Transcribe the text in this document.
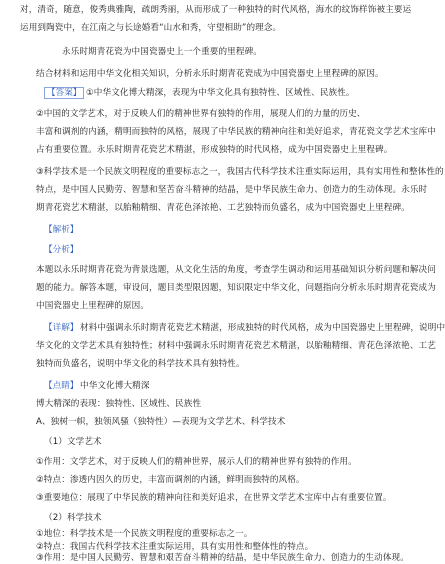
对，清奇，随意，俊秀典雅陶，疏朗秀丽，从而形成了一种独特的时代风格，海水的纹饰样饰被主要运
运用到陶瓷中，在江南之与长途婚看“山水和秀，守望相助”的理念。
永乐时期青花瓷为中国瓷器史上一个重要的里程碑。
结合材料和运用中华文化相关知识，分析永乐时期青花瓷成为中国瓷器史上里程碑的原因。
【答案】 ①中华文化博大精深，表现为中华文化具有独特性、区域性、民族性。
②中国的文学艺术，对于反映人们的精神世界有独特的作用，展现人们的力量的历史、
丰富和调剂的内涵，精明而独特的风格，展现了中华民族的精神向往和美好追求，青花瓷文学艺术宝库中
占有重要位置。永乐时期青花瓷艺术精湛，形成独特的时代风格，成为中国瓷器史上里程碑。
③科学技术是一个民族文明程度的重要标志之一，我国古代科学技术注重实际运用，具有实用性和整体性的
特点，是中国人民勤劳、智慧和坚苦奋斗精神的结晶，是中华民族生命力、创造力的生动体现。永乐时
期青花瓷艺术精湛，以胎釉精细、青花色泽浓艳、工艺独特而负盛名，成为中国瓷器史上里程碑。
【解析】
【分析】
本题以永乐时期青花瓷为背景选题，从文化生活的角度，考查学生调动和运用基础知识分析问题和解决问
题的能力。解答本题，审设问，题目类型限因题，知识限定中华文化，问题指向分析永乐时期青花瓷成为
中国瓷器史上里程碑的原因。
【详解】 材料中强调永乐时期青花瓷艺术精湛，形成独特的时代风格，成为中国瓷器史上里程碑，说明中
华文化的文学艺术具有独特性；材料中强调永乐时期青花瓷艺术精湛，以胎釉精细、青花色泽浓艳、工艺
独特而负盛名，说明中华文化的科学技术具有独特性。
【点睛】 中华文化博大精深
博大精深的表现：独特性、区域性、民族性
A、独树一帜，独领风骚（独特性）—表现为文学艺术、科学技术
（1）文学艺术
①作用：文学艺术，对于反映人们的精神世界，展示人们的精神世界有独特的作用。
②特点：渗透内因久的历史，丰富而调剂的内涵，鲜明而独特的风格。
③重要地位：展现了中华民族的精神向往和美好追求，在世界文学艺术宝库中占有重要位置。
（2）科学技术
①地位：科学技术是一个民族文明程度的重要标志之一。
②特点：我国古代科学技术注重实际运用，具有实用性和整体性的特点。
③作用：是中国人民勤劳、智慧和艰苦奋斗精神的结晶，是中华民族生命力、创造力的生动体现。
